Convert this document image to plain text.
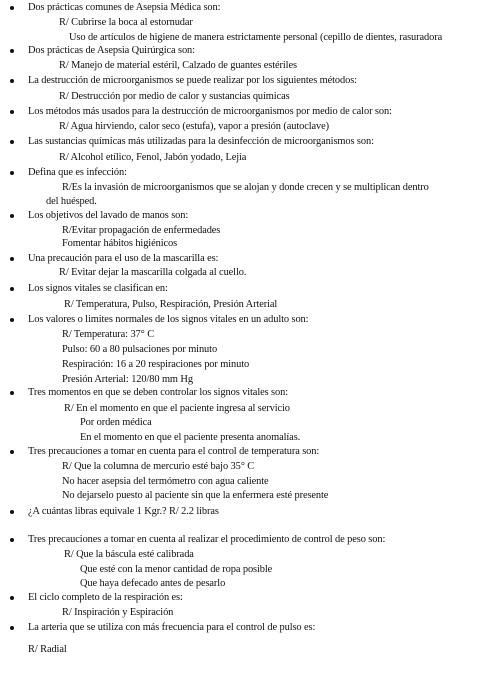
Dos prácticas comunes de Asepsia Médica son:
R/ Cubrirse la boca al estornudar
Uso de artículos de higiene de manera estrictamente personal (cepillo de dientes, rasuradora
Dos prácticas de Asepsia Quirúrgica son:
R/ Manejo de material estéril, Calzado de guantes estériles
La destrucción de microorganismos se puede realizar por los siguientes métodos:
R/ Destrucción por medio de calor y sustancias químicas
Los métodos más usados para la destrucción de microorganismos por medio de calor son:
R/ Agua hirviendo, calor seco (estufa), vapor a presión (autoclave)
Las sustancias químicas más utilizadas para la desinfección de microorganismos son:
R/ Alcohol etílico, Fenol, Jabón yodado, Lejía
Defina que es infección:
R/Es la invasión de microorganismos que se alojan y donde crecen y se multiplican dentro
del huésped.
Los objetivos del lavado de manos son:
R/Evitar propagación de enfermedades
Fomentar hábitos higiénicos
Una precaución para el uso de la mascarilla es:
R/ Evitar dejar la mascarilla colgada al cuello.
Los signos vitales se clasifican en:
R/ Temperatura, Pulso, Respiración, Presión Arterial
Los valores o limites normales de los signos vitales en un adulto son:
R/ Temperatura: 37° C
Pulso: 60 a 80 pulsaciones por minuto
Respiración: 16 a 20 respiraciones por minuto
Presión Arterial: 120/80 mm Hg
Tres momentos en que se deben controlar los signos vitales son:
R/ En el momento en que el paciente ingresa al servicio
Por orden médica
En el momento en que el paciente presenta anomalías.
Tres precauciones a tomar en cuenta para el control de temperatura son:
R/ Que la columna de mercurio esté bajo 35° C
No hacer asepsia del termómetro con agua caliente
No dejarselo puesto al paciente sin que la enfermera esté presente
¿A cuántas libras equivale 1 Kgr.? R/ 2.2 libras
Tres precauciones a tomar en cuenta al realizar el procedimiento de control de peso son:
R/ Que la báscula esté calibrada
Que esté con la menor cantidad de ropa posible
Que haya defecado antes de pesarlo
El ciclo completo de la respiración es:
R/ Inspiración y Espiración
La arteria que se utiliza con más frecuencia para el control de pulso es:
R/ Radial
